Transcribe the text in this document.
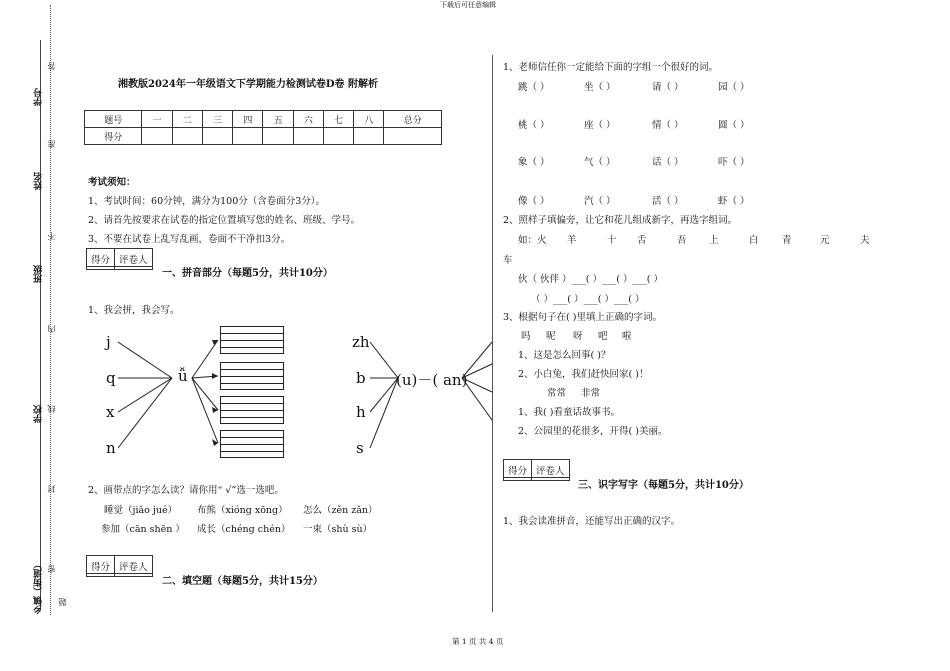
下载后可任意编辑
第 1 页 共 4 页
学号
姓名
班级
学校
乡镇（街道）
答
准
不
内
线
封
密
题
湘教版2024年一年级语文下学期能力检测试卷D卷 附解析
题号	一	二	三	四	五	六	七	八	总分
得分									
考试须知：
1、考试时间：60分钟，满分为100分（含卷面分3分）。
2、请首先按要求在试卷的指定位置填写您的姓名、班级、学号。
3、不要在试卷上乱写乱画，卷面不干净扣3分。
得分 评卷人
一、拼音部分（每题5分，共计10分）
1、我会拼，我会写。
j
q
x
n
ǚ
zh
b
h
s
(u)－( an)
2、画带点的字怎么读？请你用“ √”选一选吧。
睡觉（jiǎo jué） 布熊（xióng xōng） 怎么（zěn zǎn）
参加（cān shēn ） 成长（chéng chén） 一束（shù sù）
得分 评卷人
二、填空题（每题5分，共计15分）
1、老师信任你一定能给下面的字组一个很好的词。
跳（ ）	坐（ ）	请（ ）	园（ ）
桃（ ）	座（ ）	情（ ）	圆（ ）
象（ ）	气（ ）	话（ ）	吓（ ）
像（ ）	汽（ ）	活（ ）	虾（ ）
2、照样子填偏旁，让它和花儿组成新字，再选字组词。
如： 火 羊	十 舌	吾 上	白 青	元	夫
车
伙（ 伙伴 ）___( ）___( ）___( ）
（ ）___( ）___( ）___( ）
3、根据句子在( )里填上正确的字词。
吗 呢 呀 吧 啦
1、这是怎么回事( )？
2、小白兔，我们赶快回家( )！
常常 非常
1、我( )看童话故事书。
2、公园里的花很多，开得( )美丽。
得分 评卷人
三、识字写字（每题5分，共计10分）
1、我会读准拼音，还能写出正确的汉字。
